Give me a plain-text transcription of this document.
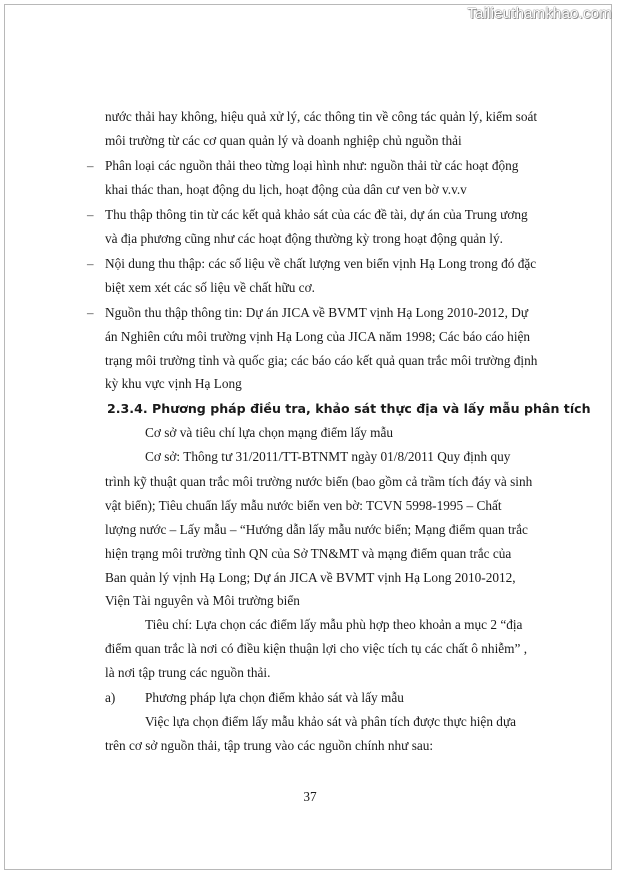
Tailieuthamkhao.com
nước thải hay không, hiệu quả xử lý, các thông tin về công tác quản lý, kiểm soát
môi trường từ các cơ quan quản lý và doanh nghiệp chủ nguồn thải
– Phân loại các nguồn thải theo từng loại hình như: nguồn thải từ các hoạt động
khai thác than, hoạt động du lịch, hoạt động của dân cư ven bờ v.v.v
– Thu thập thông tin từ các kết quả khảo sát của các đề tài, dự án của Trung ương
và địa phương cũng như các hoạt động thường kỳ trong hoạt động quản lý.
– Nội dung thu thập: các số liệu về chất lượng ven biển vịnh Hạ Long trong đó đặc
biệt xem xét các số liệu về chất hữu cơ.
– Nguồn thu thập thông tin: Dự án JICA về BVMT vịnh Hạ Long 2010-2012, Dự
án Nghiên cứu môi trường vịnh Hạ Long của JICA năm 1998; Các báo cáo hiện
trạng môi trường tỉnh và quốc gia; các báo cáo kết quả quan trắc môi trường định
kỳ khu vực vịnh Hạ Long
2.3.4. Phương pháp điều tra, khảo sát thực địa và lấy mẫu phân tích
Cơ sở và tiêu chí lựa chọn mạng điểm lấy mẫu
Cơ sở: Thông tư 31/2011/TT-BTNMT ngày 01/8/2011 Quy định quy
trình kỹ thuật quan trắc môi trường nước biển (bao gồm cả trầm tích đáy và sinh
vật biển); Tiêu chuẩn lấy mẫu nước biển ven bờ: TCVN 5998-1995 – Chất
lượng nước – Lấy mẫu – “Hướng dẫn lấy mẫu nước biển; Mạng điểm quan trắc
hiện trạng môi trường tỉnh QN của Sở TN&MT và mạng điểm quan trắc của
Ban quản lý vịnh Hạ Long; Dự án JICA về BVMT vịnh Hạ Long 2010-2012,
Viện Tài nguyên và Môi trường biển
Tiêu chí: Lựa chọn các điểm lấy mẫu phù hợp theo khoản a mục 2 “địa
điểm quan trắc là nơi có điều kiện thuận lợi cho việc tích tụ các chất ô nhiễm” ,
là nơi tập trung các nguồn thải.
a) Phương pháp lựa chọn điểm khảo sát và lấy mẫu
Việc lựa chọn điểm lấy mẫu khảo sát và phân tích được thực hiện dựa
trên cơ sở nguồn thải, tập trung vào các nguồn chính như sau:
37
